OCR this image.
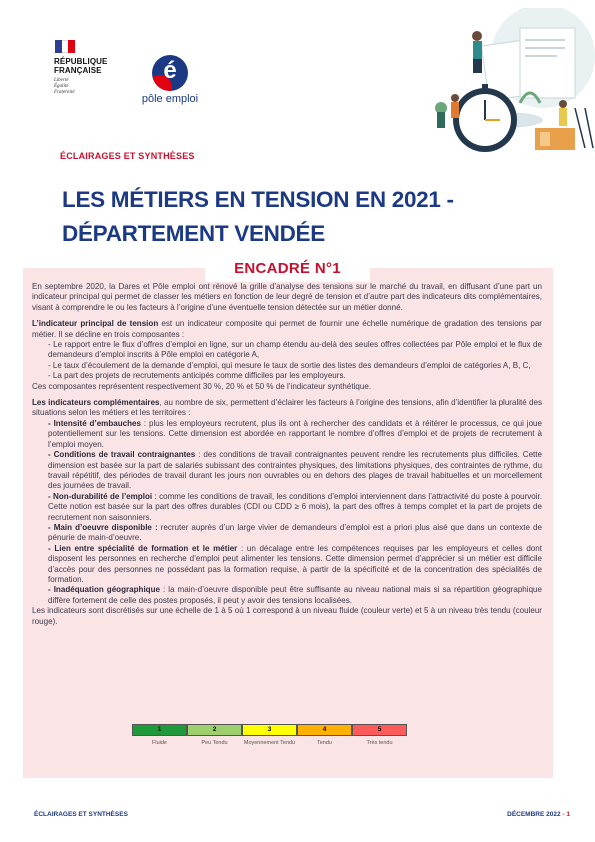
RÉPUBLIQUE
FRANÇAISE
Liberté
Égalité
Fraternité
é
pôle emploi
ÉCLAIRAGES ET SYNTHÈSES
LES MÉTIERS EN TENSION EN 2021 -
DÉPARTEMENT VENDÉE
ENCADRÉ N°1

En septembre 2020, la Dares et Pôle emploi ont rénové la grille d’analyse des tensions sur le marché du travail, en diffusant d’une part un indicateur principal qui permet de classer les métiers en fonction de leur degré de tension et d’autre part des indicateurs dits complémentaires, visant à comprendre le ou les facteurs à l’origine d’une éventuelle tension détectée sur un métier donné.

L’indicateur principal de tension est un indicateur composite qui permet de fournir une échelle numérique de gradation des tensions par métier. Il se décline en trois composantes :

- Le rapport entre le flux d’offres d’emploi en ligne, sur un champ étendu au-delà des seules offres collectées par Pôle emploi et le flux de demandeurs d’emploi inscrits à Pôle emploi en catégorie A,

- Le taux d’écoulement de la demande d’emploi, qui mesure le taux de sortie des listes des demandeurs d’emploi de catégories A, B, C,

- La part des projets de recrutements anticipés comme difficiles par les employeurs.

Ces composantes représentent respectivement 30 %, 20 % et 50 % de l’indicateur synthétique.

Les indicateurs complémentaires, au nombre de six, permettent d’éclairer les facteurs à l’origine des tensions, afin d’identifier la pluralité des situations selon les métiers et les territoires :

- Intensité d’embauches : plus les employeurs recrutent, plus ils ont à rechercher des candidats et à réitérer le processus, ce qui joue potentiellement sur les tensions. Cette dimension est abordée en rapportant le nombre d’offres d’emploi et de projets de recrutement à l’emploi moyen.

- Conditions de travail contraignantes : des conditions de travail contraignantes peuvent rendre les recrutements plus difficiles. Cette dimension est basée sur la part de salariés subissant des contraintes physiques, des limitations physiques, des contraintes de rythme, du travail répétitif, des périodes de travail durant les jours non ouvrables ou en dehors des plages de travail habituelles et un morcellement des journées de travail.

- Non-durabilité de l’emploi : comme les conditions de travail, les conditions d’emploi interviennent dans l’attractivité du poste à pourvoir. Cette notion est basée sur la part des offres durables (CDI ou CDD ≥ 6 mois), la part des offres à temps complet et la part de projets de recrutement non saisonniers.

- Main d’oeuvre disponible : recruter auprès d’un large vivier de demandeurs d’emploi est a priori plus aisé que dans un contexte de pénurie de main-d’oeuvre.

- Lien entre spécialité de formation et le métier : un décalage entre les compétences requises par les employeurs et celles dont disposent les personnes en recherche d’emploi peut alimenter les tensions. Cette dimension permet d’apprécier si un métier est difficile d’accès pour des personnes ne possédant pas la formation requise, à partir de la spécificité et de la concentration des spécialités de formation.

- Inadéquation géographique : la main-d’oeuvre disponible peut être suffisante au niveau national mais si sa répartition géographique diffère fortement de celle des postes proposés, il peut y avoir des tensions localisées.

Les indicateurs sont discrétisés sur une échelle de 1 à 5 où 1 correspond à un niveau fluide (couleur verte) et 5 à un niveau très tendu (couleur rouge).

1
Fluide
2
Peu Tendu
3
Moyennement Tendu
4
Tendu
5
Très tendu
ÉCLAIRAGES ET SYNTHÈSES	DÉCEMBRE 2022 - 1
